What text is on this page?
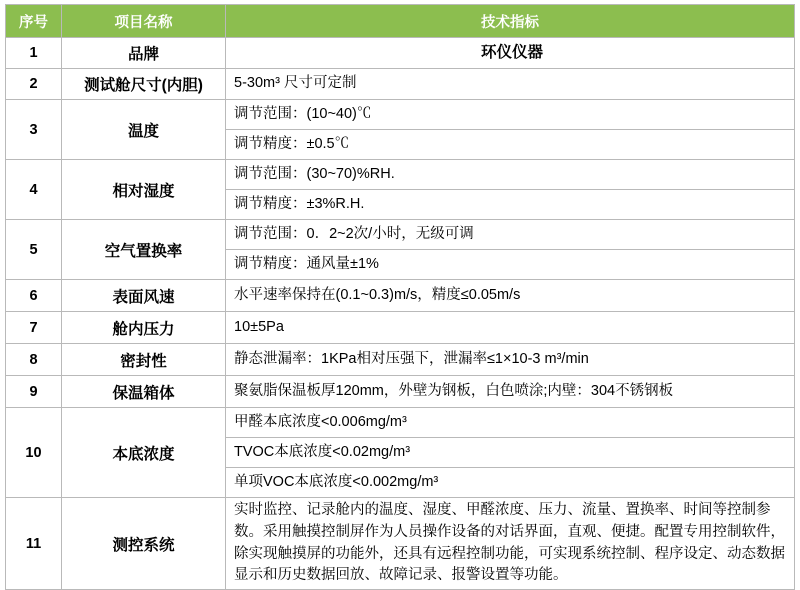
序号	项目名称	技术指标
1	品牌	环仪仪器
2	测试舱尺寸(内胆)	5-30m³ 尺寸可定制
3	温度	调节范围：(10~40)℃
		调节精度：±0.5℃
4	相对湿度	调节范围：(30~70)%RH.
		调节精度：±3%R.H.
5	空气置换率	调节范围：0．2~2次/小时，无级可调
		调节精度：通风量±1%
6	表面风速	水平速率保持在(0.1~0.3)m/s，精度≤0.05m/s
7	舱内压力	10±5Pa
8	密封性	静态泄漏率：1KPa相对压强下，泄漏率≤1×10-3 m³/min
9	保温箱体	聚氨脂保温板厚120mm，外壁为钢板，白色喷涂;内壁：304不锈钢板
10	本底浓度	甲醛本底浓度<0.006mg/m³
		TVOC本底浓度<0.02mg/m³
		单项VOC本底浓度<0.002mg/m³
11	测控系统	实时监控、记录舱内的温度、湿度、甲醛浓度、压力、流量、置换率、时间等控制参数。采用触摸控制屏作为人员操作设备的对话界面，直观、便捷。配置专用控制软件，除实现触摸屏的功能外，还具有远程控制功能，可实现系统控制、程序设定、动态数据显示和历史数据回放、故障记录、报警设置等功能。
